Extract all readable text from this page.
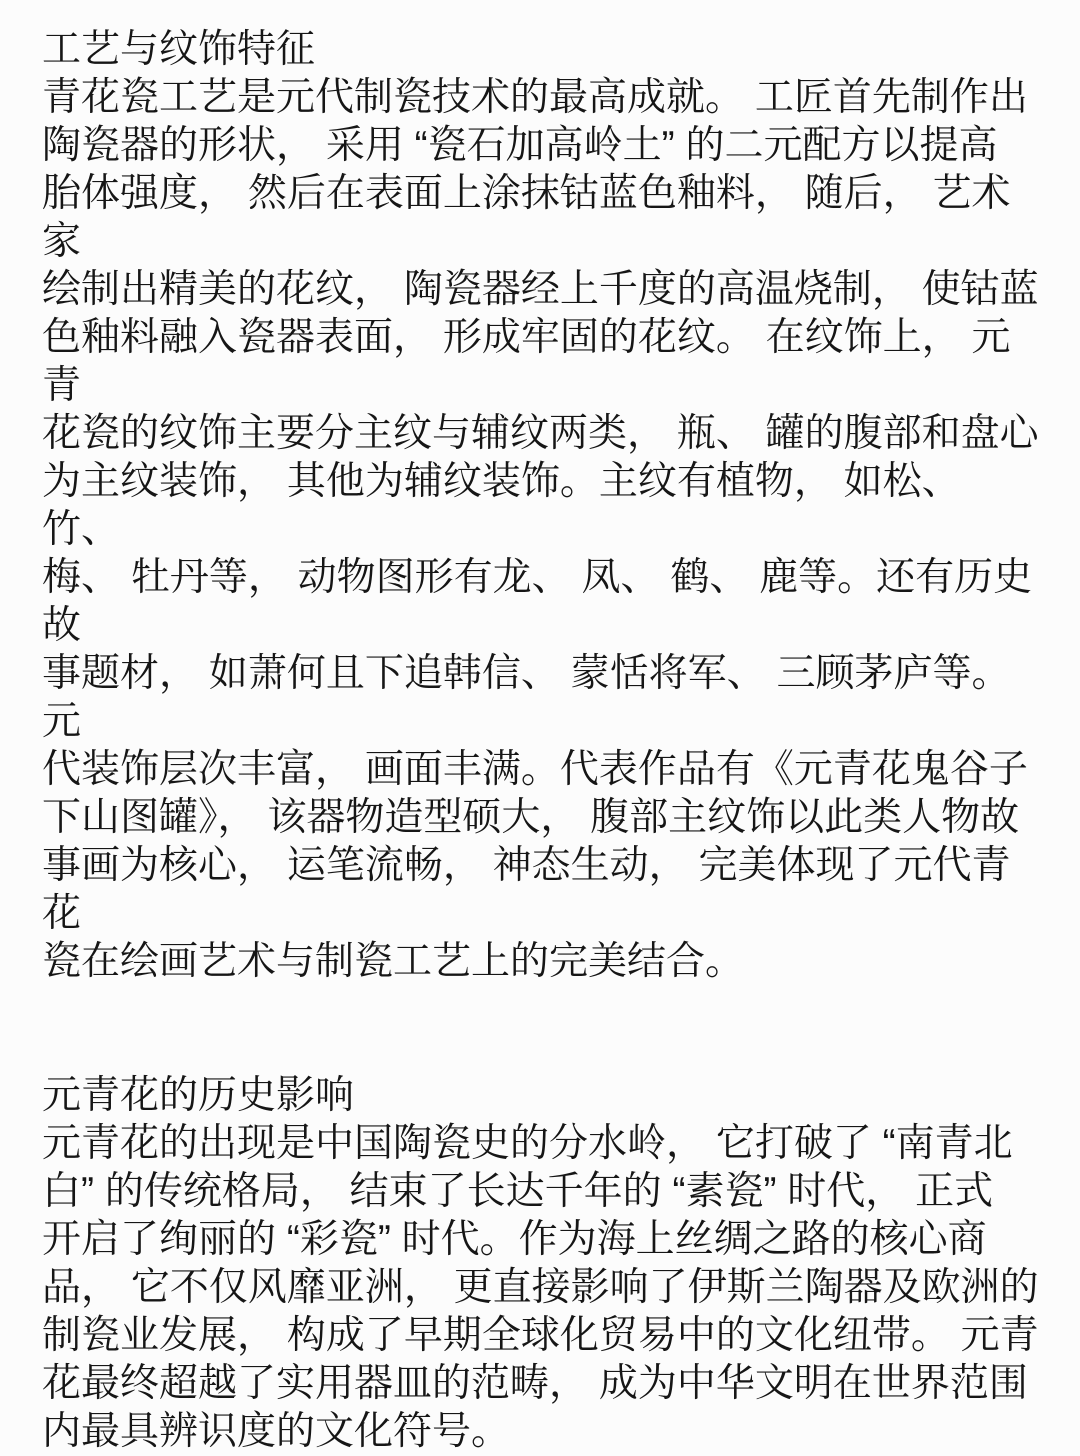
工艺与纹饰特征
青花瓷工艺是元代制瓷技术的最高成就。 工匠首先制作出
陶瓷器的形状， 采用 “瓷石加高岭土” 的二元配方以提高
胎体强度， 然后在表面上涂抹钴蓝色釉料， 随后， 艺术家
绘制出精美的花纹， 陶瓷器经上千度的高温烧制， 使钴蓝
色釉料融入瓷器表面， 形成牢固的花纹。 在纹饰上， 元青
花瓷的纹饰主要分主纹与辅纹两类， 瓶、 罐的腹部和盘心
为主纹装饰， 其他为辅纹装饰。主纹有植物， 如松、 竹、
梅、 牡丹等， 动物图形有龙、 凤、 鹤、 鹿等。还有历史故
事题材， 如萧何且下追韩信、 蒙恬将军、 三顾茅庐等。 元
代装饰层次丰富， 画面丰满。代表作品有《元青花鬼谷子
下山图罐》， 该器物造型硕大， 腹部主纹饰以此类人物故
事画为核心， 运笔流畅， 神态生动， 完美体现了元代青花
瓷在绘画艺术与制瓷工艺上的完美结合。
元青花的历史影响
元青花的出现是中国陶瓷史的分水岭， 它打破了 “南青北
白” 的传统格局， 结束了长达千年的 “素瓷” 时代， 正式
开启了绚丽的 “彩瓷” 时代。作为海上丝绸之路的核心商
品， 它不仅风靡亚洲， 更直接影响了伊斯兰陶器及欧洲的
制瓷业发展， 构成了早期全球化贸易中的文化纽带。 元青
花最终超越了实用器皿的范畴， 成为中华文明在世界范围
内最具辨识度的文化符号。
